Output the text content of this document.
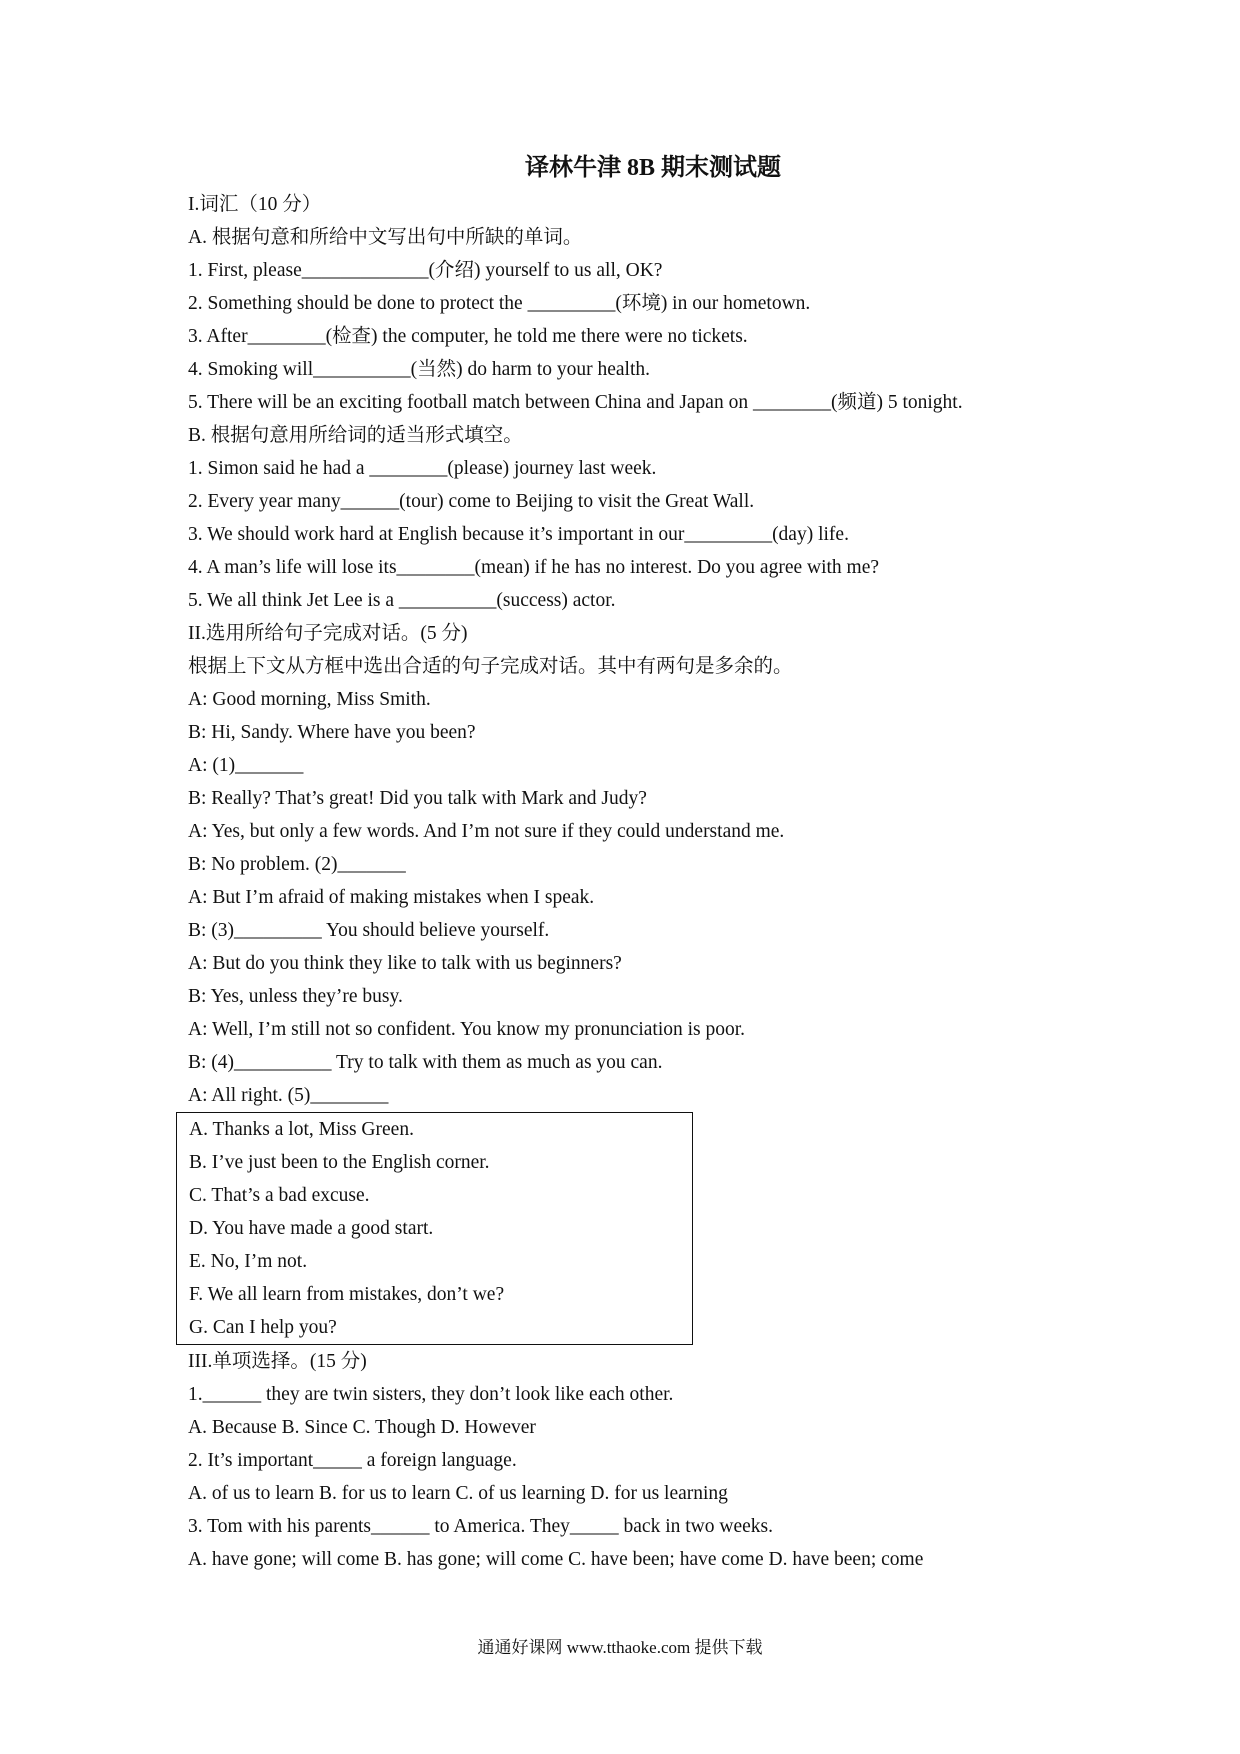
译林牛津 8B 期末测试题
I.词汇（10 分）
A. 根据句意和所给中文写出句中所缺的单词。
1. First, please_____________(介绍) yourself to us all, OK?
2. Something should be done to protect the _________(环境) in our hometown.
3. After________(检查) the computer, he told me there were no tickets.
4. Smoking will__________(当然) do harm to your health.
5. There will be an exciting football match between China and Japan on ________(频道) 5 tonight.
B. 根据句意用所给词的适当形式填空。
1. Simon said he had a ________(please) journey last week.
2. Every year many______(tour) come to Beijing to visit the Great Wall.
3. We should work hard at English because it’s important in our_________(day) life.
4. A man’s life will lose its________(mean) if he has no interest. Do you agree with me?
5. We all think Jet Lee is a __________(success) actor.
II.选用所给句子完成对话。(5 分)
根据上下文从方框中选出合适的句子完成对话。其中有两句是多余的。
A: Good morning, Miss Smith.
B: Hi, Sandy. Where have you been?
A: (1)_______
B: Really? That’s great! Did you talk with Mark and Judy?
A: Yes, but only a few words. And I’m not sure if they could understand me.
B: No problem. (2)_______
A: But I’m afraid of making mistakes when I speak.
B: (3)_________ You should believe yourself.
A: But do you think they like to talk with us beginners?
B: Yes, unless they’re busy.
A: Well, I’m still not so confident. You know my pronunciation is poor.
B: (4)__________ Try to talk with them as much as you can.
A: All right. (5)________
A. Thanks a lot, Miss Green.
B. I’ve just been to the English corner.
C. That’s a bad excuse.
D. You have made a good start.
E. No, I’m not.
F. We all learn from mistakes, don’t we?
G. Can I help you?
III.单项选择。(15 分)
1.______ they are twin sisters, they don’t look like each other.
A. Because B. Since C. Though D. However
2. It’s important_____ a foreign language.
A. of us to learn B. for us to learn C. of us learning D. for us learning
3. Tom with his parents______ to America. They_____ back in two weeks.
A. have gone; will come B. has gone; will come C. have been; have come D. have been; come
通通好课网 www.tthaoke.com 提供下载
